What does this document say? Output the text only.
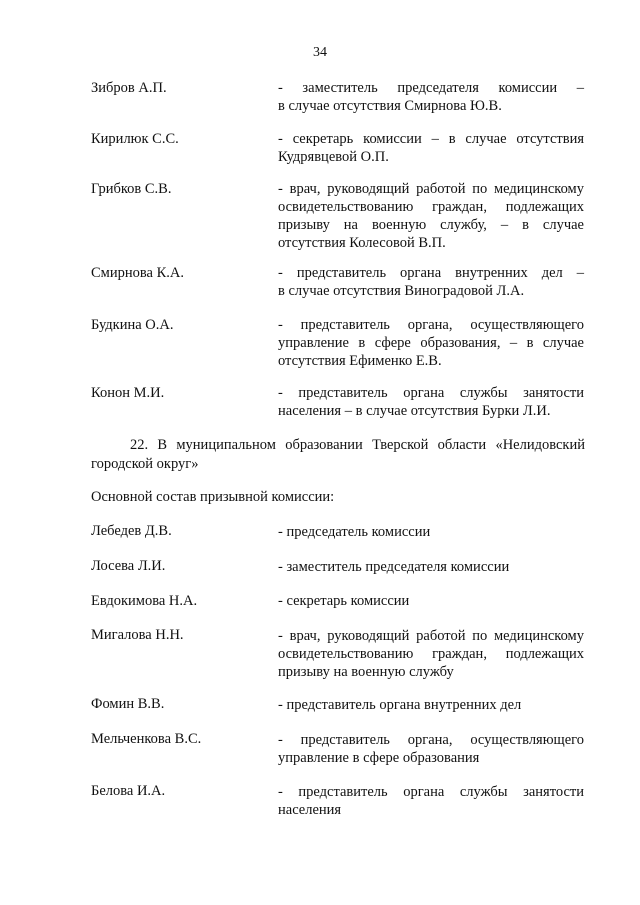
34
Зибров А.П.	- заместитель председателя комиссии –
в случае отсутствия Смирнова Ю.В.
Кирилюк С.С.	- секретарь комиссии – в случае отсутствия
Кудрявцевой О.П.
Грибков С.В.	- врач, руководящий работой по медицинскому
освидетельствованию граждан, подлежащих
призыву на военную службу, – в случае
отсутствия Колесовой В.П.
Смирнова К.А.	- представитель органа внутренних дел –
в случае отсутствия Виноградовой Л.А.
Будкина О.А.	- представитель органа, осуществляющего
управление в сфере образования, – в случае
отсутствия Ефименко Е.В.
Конон М.И.	- представитель органа службы занятости
населения – в случае отсутствия Бурки Л.И.
22. В муниципальном образовании Тверской области «Нелидовский
городской округ»
Основной состав призывной комиссии:
Лебедев Д.В.	- председатель комиссии
Лосева Л.И.	- заместитель председателя комиссии
Евдокимова Н.А.	- секретарь комиссии
Мигалова Н.Н.	- врач, руководящий работой по медицинскому
освидетельствованию граждан, подлежащих
призыву на военную службу
Фомин В.В.	- представитель органа внутренних дел
Мельченкова В.С.	- представитель органа, осуществляющего
управление в сфере образования
Белова И.А.	- представитель органа службы занятости
населения
